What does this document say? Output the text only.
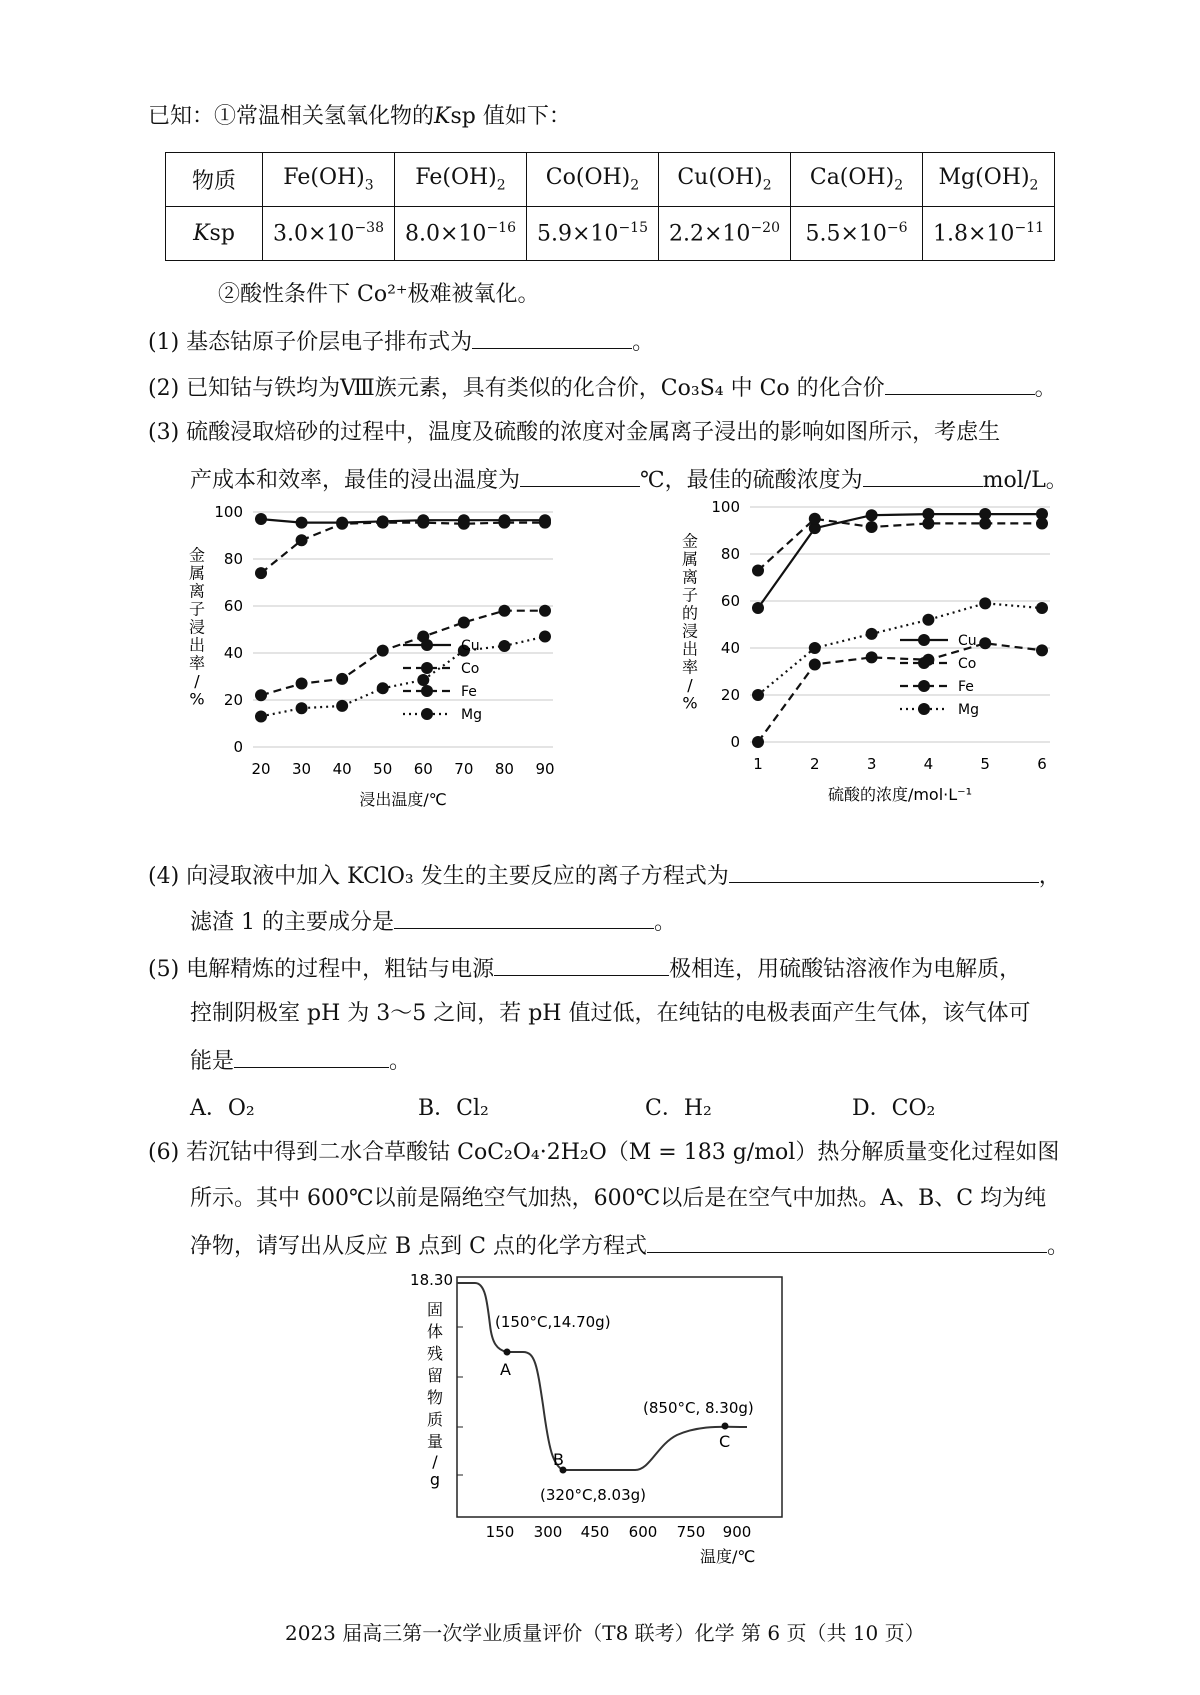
已知：①常温相关氢氧化物的Ksp 值如下：
物质	$Fe(OH)_3$	$Fe(OH)_2$	$Co(OH)_2$	$Cu(OH)_2$	$Ca(OH)_2$	$Mg(OH)_2$
Ksp	$3.0\times 10^{-38}$	$8.0\times 10^{-16}$	$5.9\times 10^{-15}$	$2.2\times 10^{-20}$	$5.5\times 10^{-6}$	$1.8\times 10^{-11}$
②酸性条件下 Co²⁺极难被氧化。
(1) 基态钴原子价层电子排布式为	。
(2) 已知钴与铁均为Ⅷ族元素，具有类似的化合价，Co₃S₄ 中 Co 的化合价	。
(3) 硫酸浸取焙砂的过程中，温度及硫酸的浓度对金属离子浸出的影响如图所示，考虑生
产成本和效率，最佳的浸出温度为	℃，最佳的硫酸浓度为	mol/L。
0
20
40
60
80
100
20 30 40 50 60 70 80 90
浸出温度/℃
金属离子浸出率/ %
Cu
Co
Fe
Mg
0
20
40
60
80
100
1	2	3	4	5	6
硫酸的浓度/mol·L⁻¹
金属离子的浸出率/ %
Cu
Co
Fe
Mg
(4) 向浸取液中加入 KClO₃ 发生的主要反应的离子方程式为	，
滤渣 1 的主要成分是	。
(5) 电解精炼的过程中，粗钴与电源	极相连，用硫酸钴溶液作为电解质，
控制阴极室 pH 为 3～5 之间，若 pH 值过低，在纯钴的电极表面产生气体，该气体可
能是	。
A．O₂	B．Cl₂	C．H₂	D．CO₂
(6) 若沉钴中得到二水合草酸钴 CoC₂O₄·2H₂O（M = 183 g/mol）热分解质量变化过程如图
所示。其中 600℃以前是隔绝空气加热，600℃以后是在空气中加热。A、B、C 均为纯
净物，请写出从反应 B 点到 C 点的化学方程式	。
18.30
固
体
残
留
物
质
量
/
g
(150°C,14.70g)
A
(320°C,8.03g)
B
(850°C, 8.30g)
C
150 300 450 600 750 900
温度/℃
2023 届高三第一次学业质量评价（T8 联考）化学 第 6 页（共 10 页）
